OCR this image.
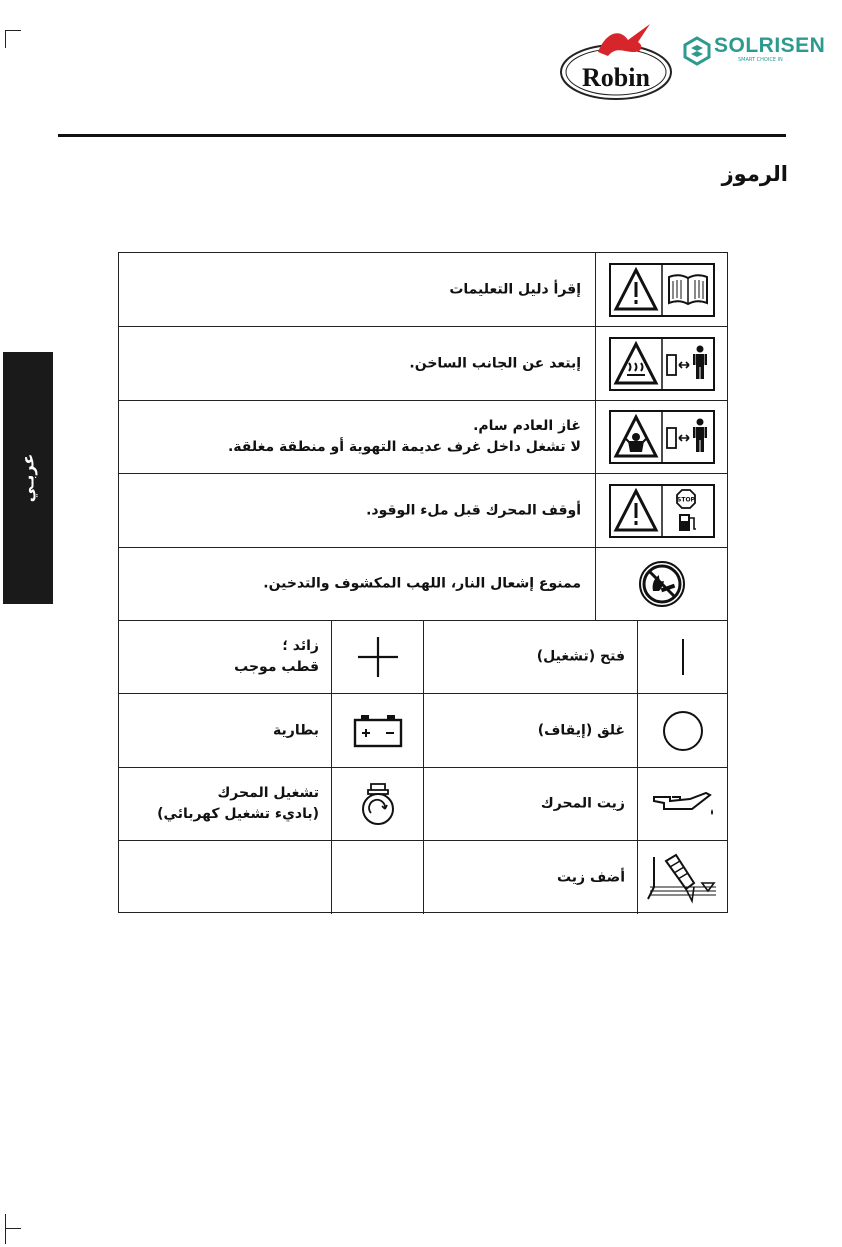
Robin
SOLRISEN
SMART CHOICE IN
الرموز
عربـي
إقرأ دليل التعليمات
إبتعد عن الجانب الساخن.
غاز العادم سام.
لا تشغل داخل غرف عديمة التهوية أو منطقة مغلقة.
أوقف المحرك قبل ملء الوقود.
STOP
ممنوع إشعال النار، اللهب المكشوف والتدخين.
زائد ؛
قطب موجب
فتح (تشغيل)
بطارية	غلق (إيقاف)
تشغيل المحرك
(باديء تشغيل كهربائي)
زيت المحرك
أضف زيت
